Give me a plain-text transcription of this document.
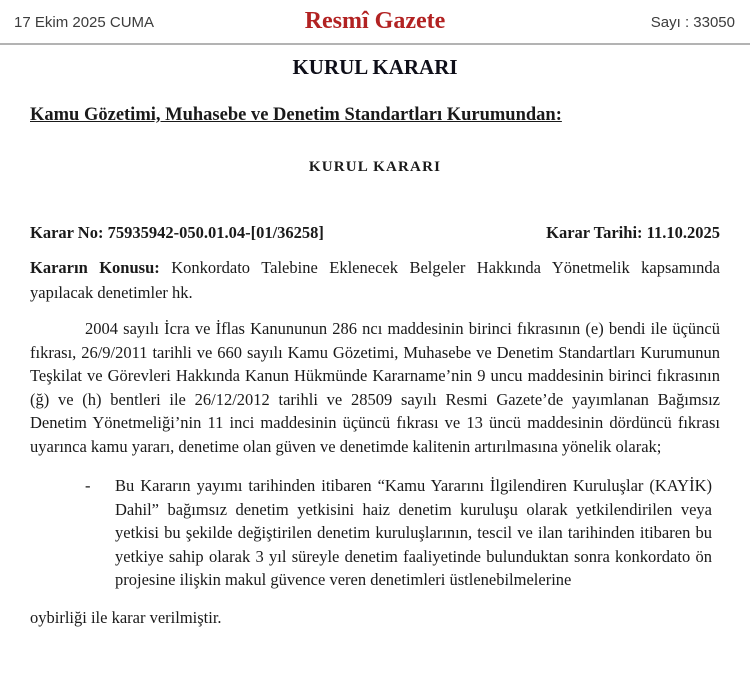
17 Ekim 2025 CUMA	Resmî Gazete	Sayı : 33050
KURUL KARARI
Kamu Gözetimi, Muhasebe ve Denetim Standartları Kurumundan:
KURUL KARARI
Karar No: 75935942-050.01.04-[01/36258]	Karar Tarihi: 11.10.2025
Kararın Konusu: Konkordato Talebine Eklenecek Belgeler Hakkında Yönetmelik kapsamında yapılacak denetimler hk.
2004 sayılı İcra ve İflas Kanununun 286 ncı maddesinin birinci fıkrasının (e) bendi ile üçüncü fıkrası, 26/9/2011 tarihli ve 660 sayılı Kamu Gözetimi, Muhasebe ve Denetim Standartları Kurumunun Teşkilat ve Görevleri Hakkında Kanun Hükmünde Kararname’nin 9 uncu maddesinin birinci fıkrasının (ğ) ve (h) bentleri ile 26/12/2012 tarihli ve 28509 sayılı Resmi Gazete’de yayımlanan Bağımsız Denetim Yönetmeliği’nin 11 inci maddesinin üçüncü fıkrası ve 13 üncü maddesinin dördüncü fıkrası uyarınca kamu yararı, denetime olan güven ve denetimde kalitenin artırılmasına yönelik olarak;
-	Bu Kararın yayımı tarihinden itibaren “Kamu Yararını İlgilendiren Kuruluşlar (KAYİK) Dahil” bağımsız denetim yetkisini haiz denetim kuruluşu olarak yetkilendirilen veya yetkisi bu şekilde değiştirilen denetim kuruluşlarının, tescil ve ilan tarihinden itibaren bu yetkiye sahip olarak 3 yıl süreyle denetim faaliyetinde bulunduktan sonra konkordato ön projesine ilişkin makul güvence veren denetimleri üstlenebilmelerine
oybirliği ile karar verilmiştir.
